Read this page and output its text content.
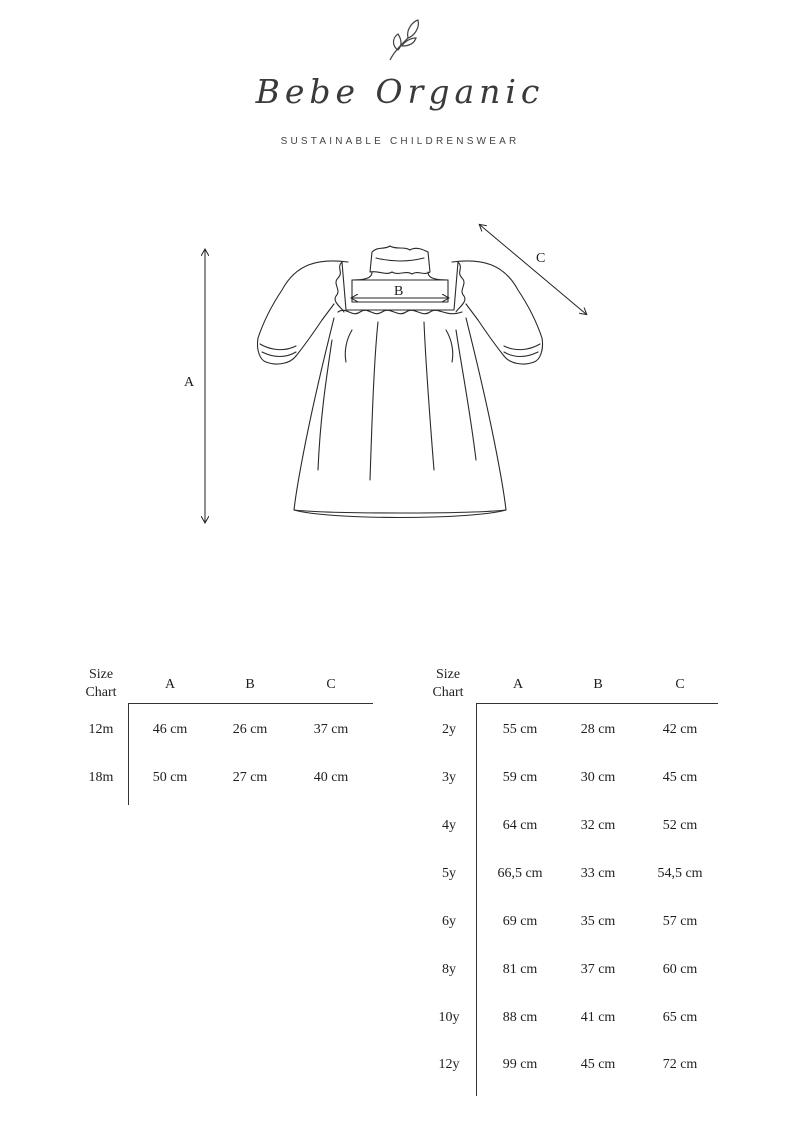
Bebe Organic
SUSTAINABLE CHILDRENSWEAR
A
B
C
Size Chart
A	B	C
12m	46 cm	26 cm	37 cm
18m	50 cm	27 cm	40 cm
Size Chart
A	B	C
2y	55 cm	28 cm	42 cm
3y	59 cm	30 cm	45 cm
4y	64 cm	32 cm	52 cm
5y	66,5 cm	33 cm	54,5 cm
6y	69 cm	35 cm	57 cm
8y	81 cm	37 cm	60 cm
10y	88 cm	41 cm	65 cm
12y	99 cm	45 cm	72 cm
